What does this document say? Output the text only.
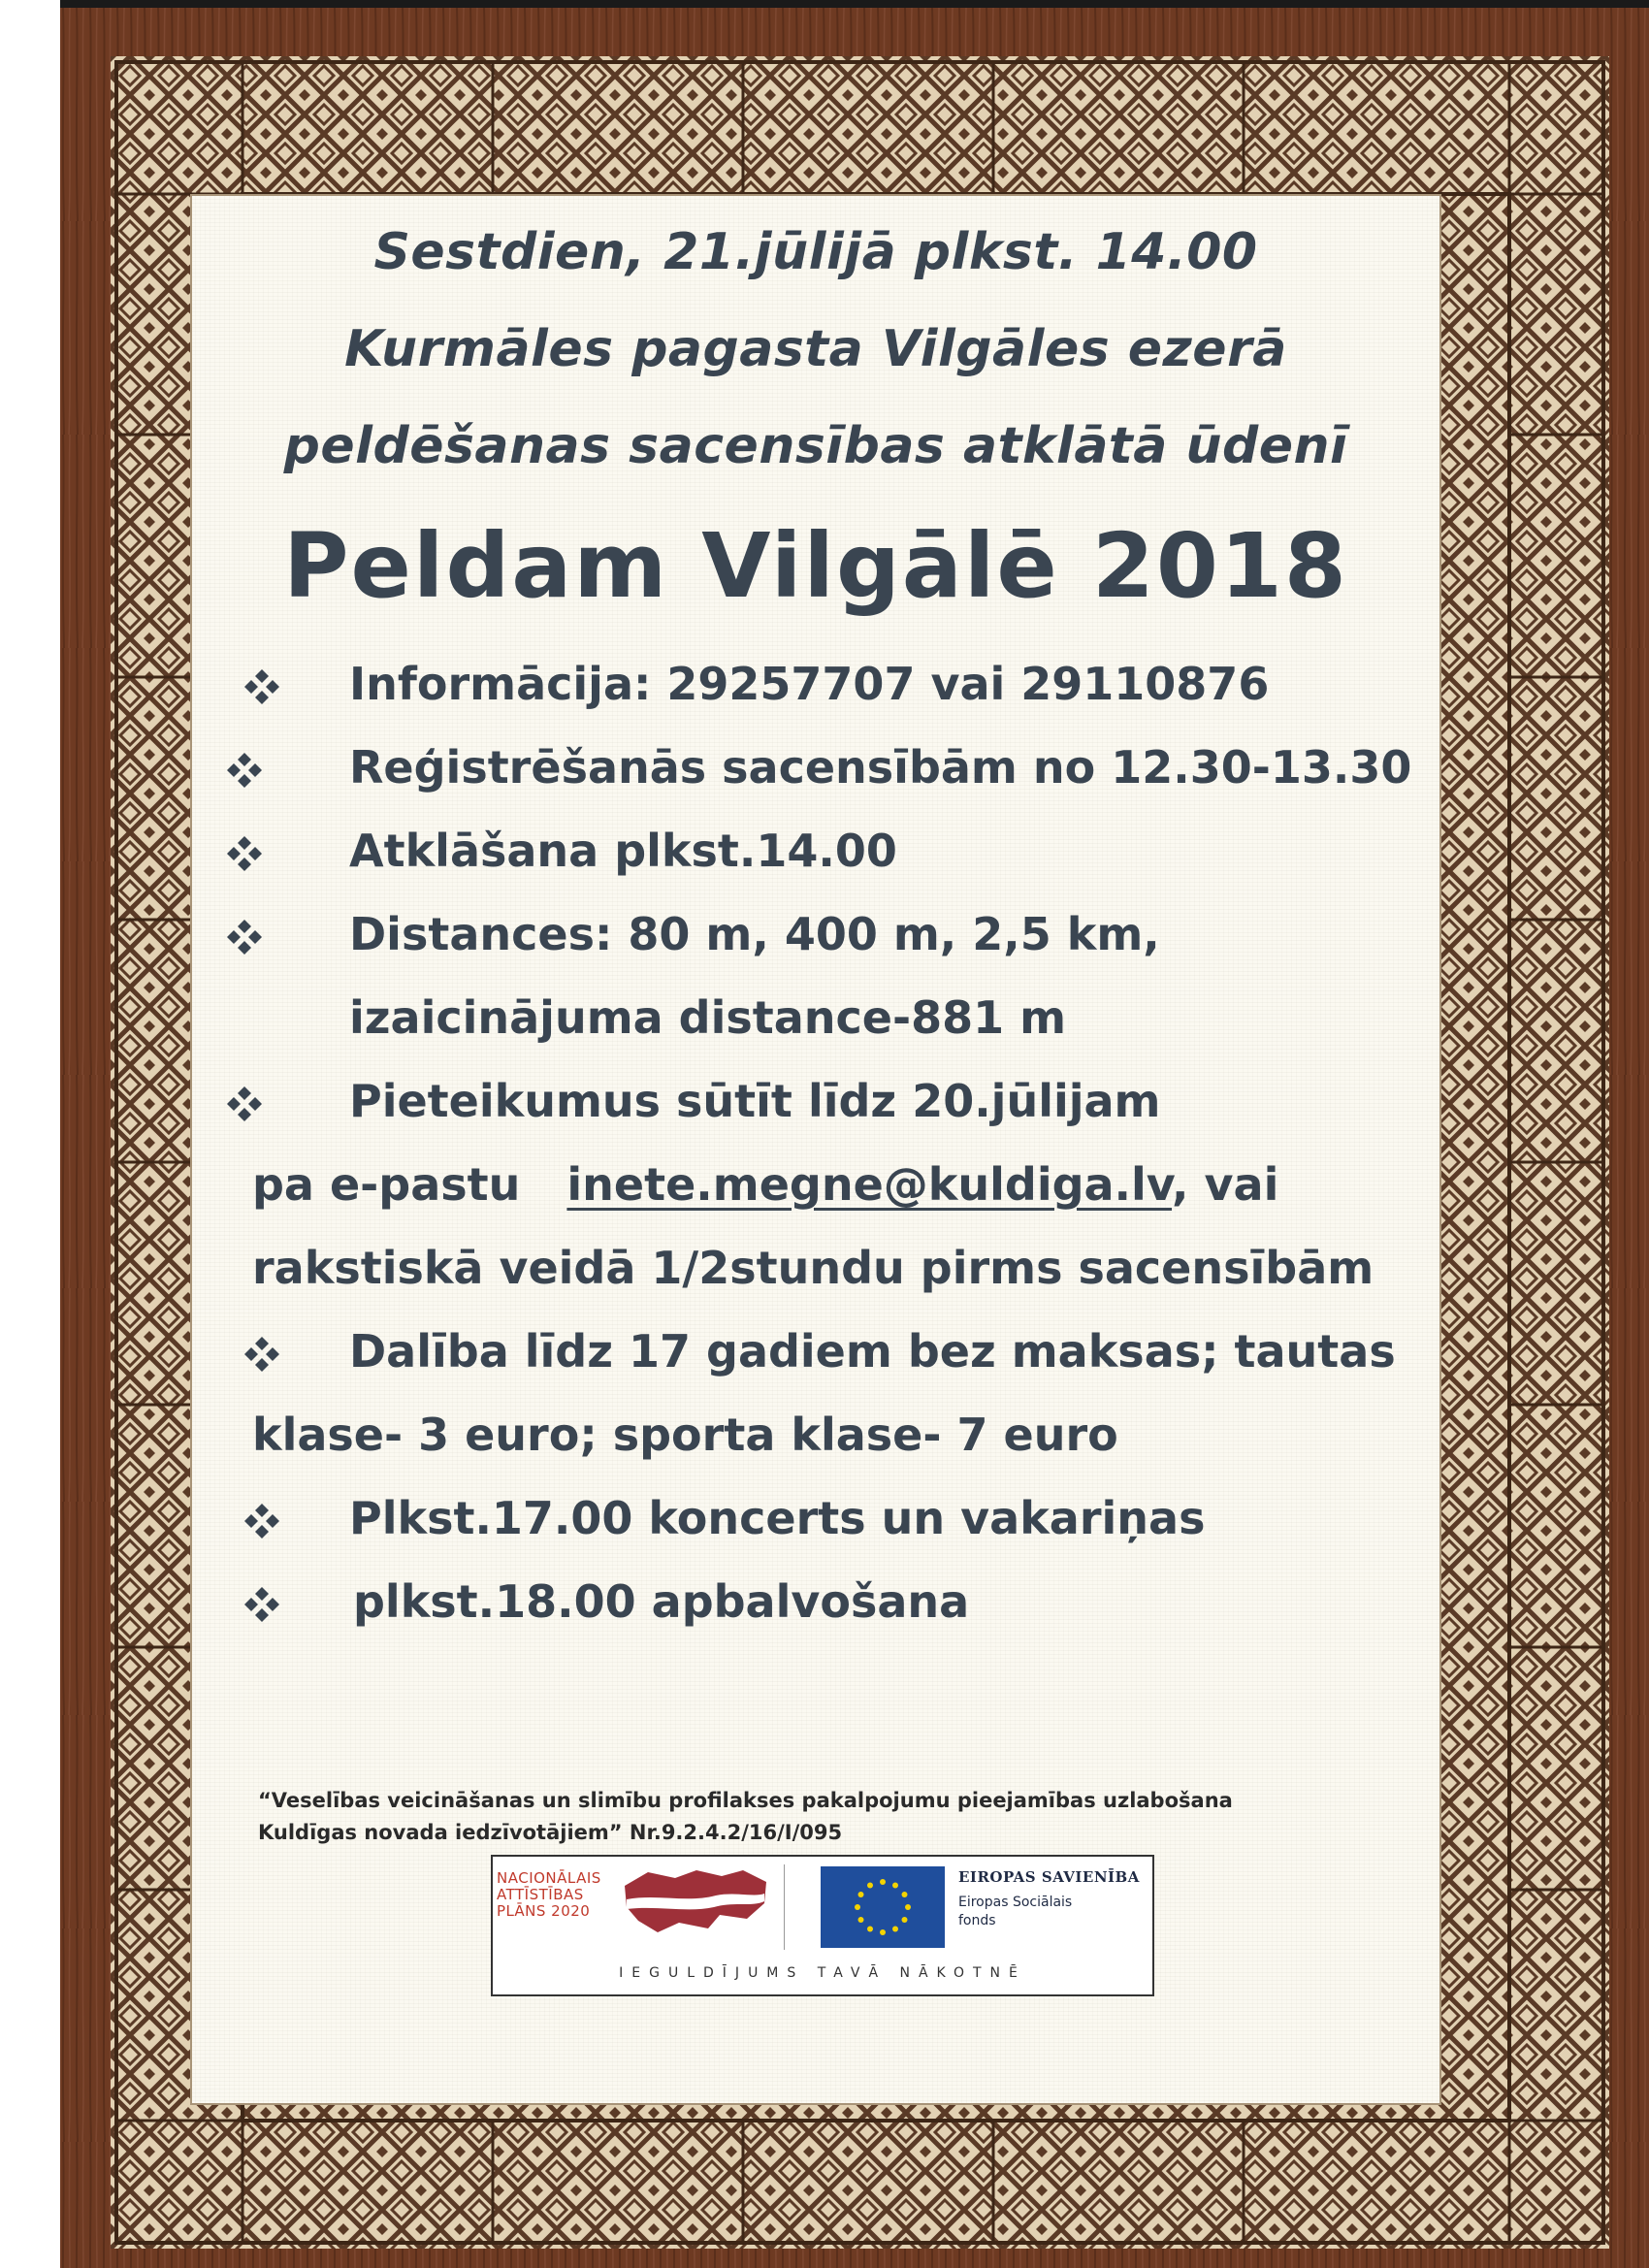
Sestdien, 21.jūlijā plkst. 14.00
Kurmāles pagasta Vilgāles ezerā
peldēšanas sacensības atklātā ūdenī
Peldam Vilgālē 2018
Informācija: 29257707 vai 29110876
Reģistrēšanās sacensībām no 12.30-13.30
Atklāšana plkst.14.00
Distances: 80 m, 400 m, 2,5 km,
izaicinājuma distance-881 m
Pieteikumus sūtīt līdz 20.jūlijam
pa e-pastu inete.megne@kuldiga.lv, vai
rakstiskā veidā 1/2stundu pirms sacensībām
Dalība līdz 17 gadiem bez maksas; tautas
klase- 3 euro; sporta klase- 7 euro
Plkst.17.00 koncerts un vakariņas
plkst.18.00 apbalvošana
“Veselības veicināšanas un slimību profilakses pakalpojumu pieejamības uzlabošana
Kuldīgas novada iedzīvotājiem” Nr.9.2.4.2/16/I/095
NACIONĀLAIS
ATTĪSTĪBAS
PLĀNS 2020
EIROPAS SAVIENĪBA
Eiropas Sociālais
fonds
IEGULDĪJUMS TAVĀ NĀKOTNĒ
